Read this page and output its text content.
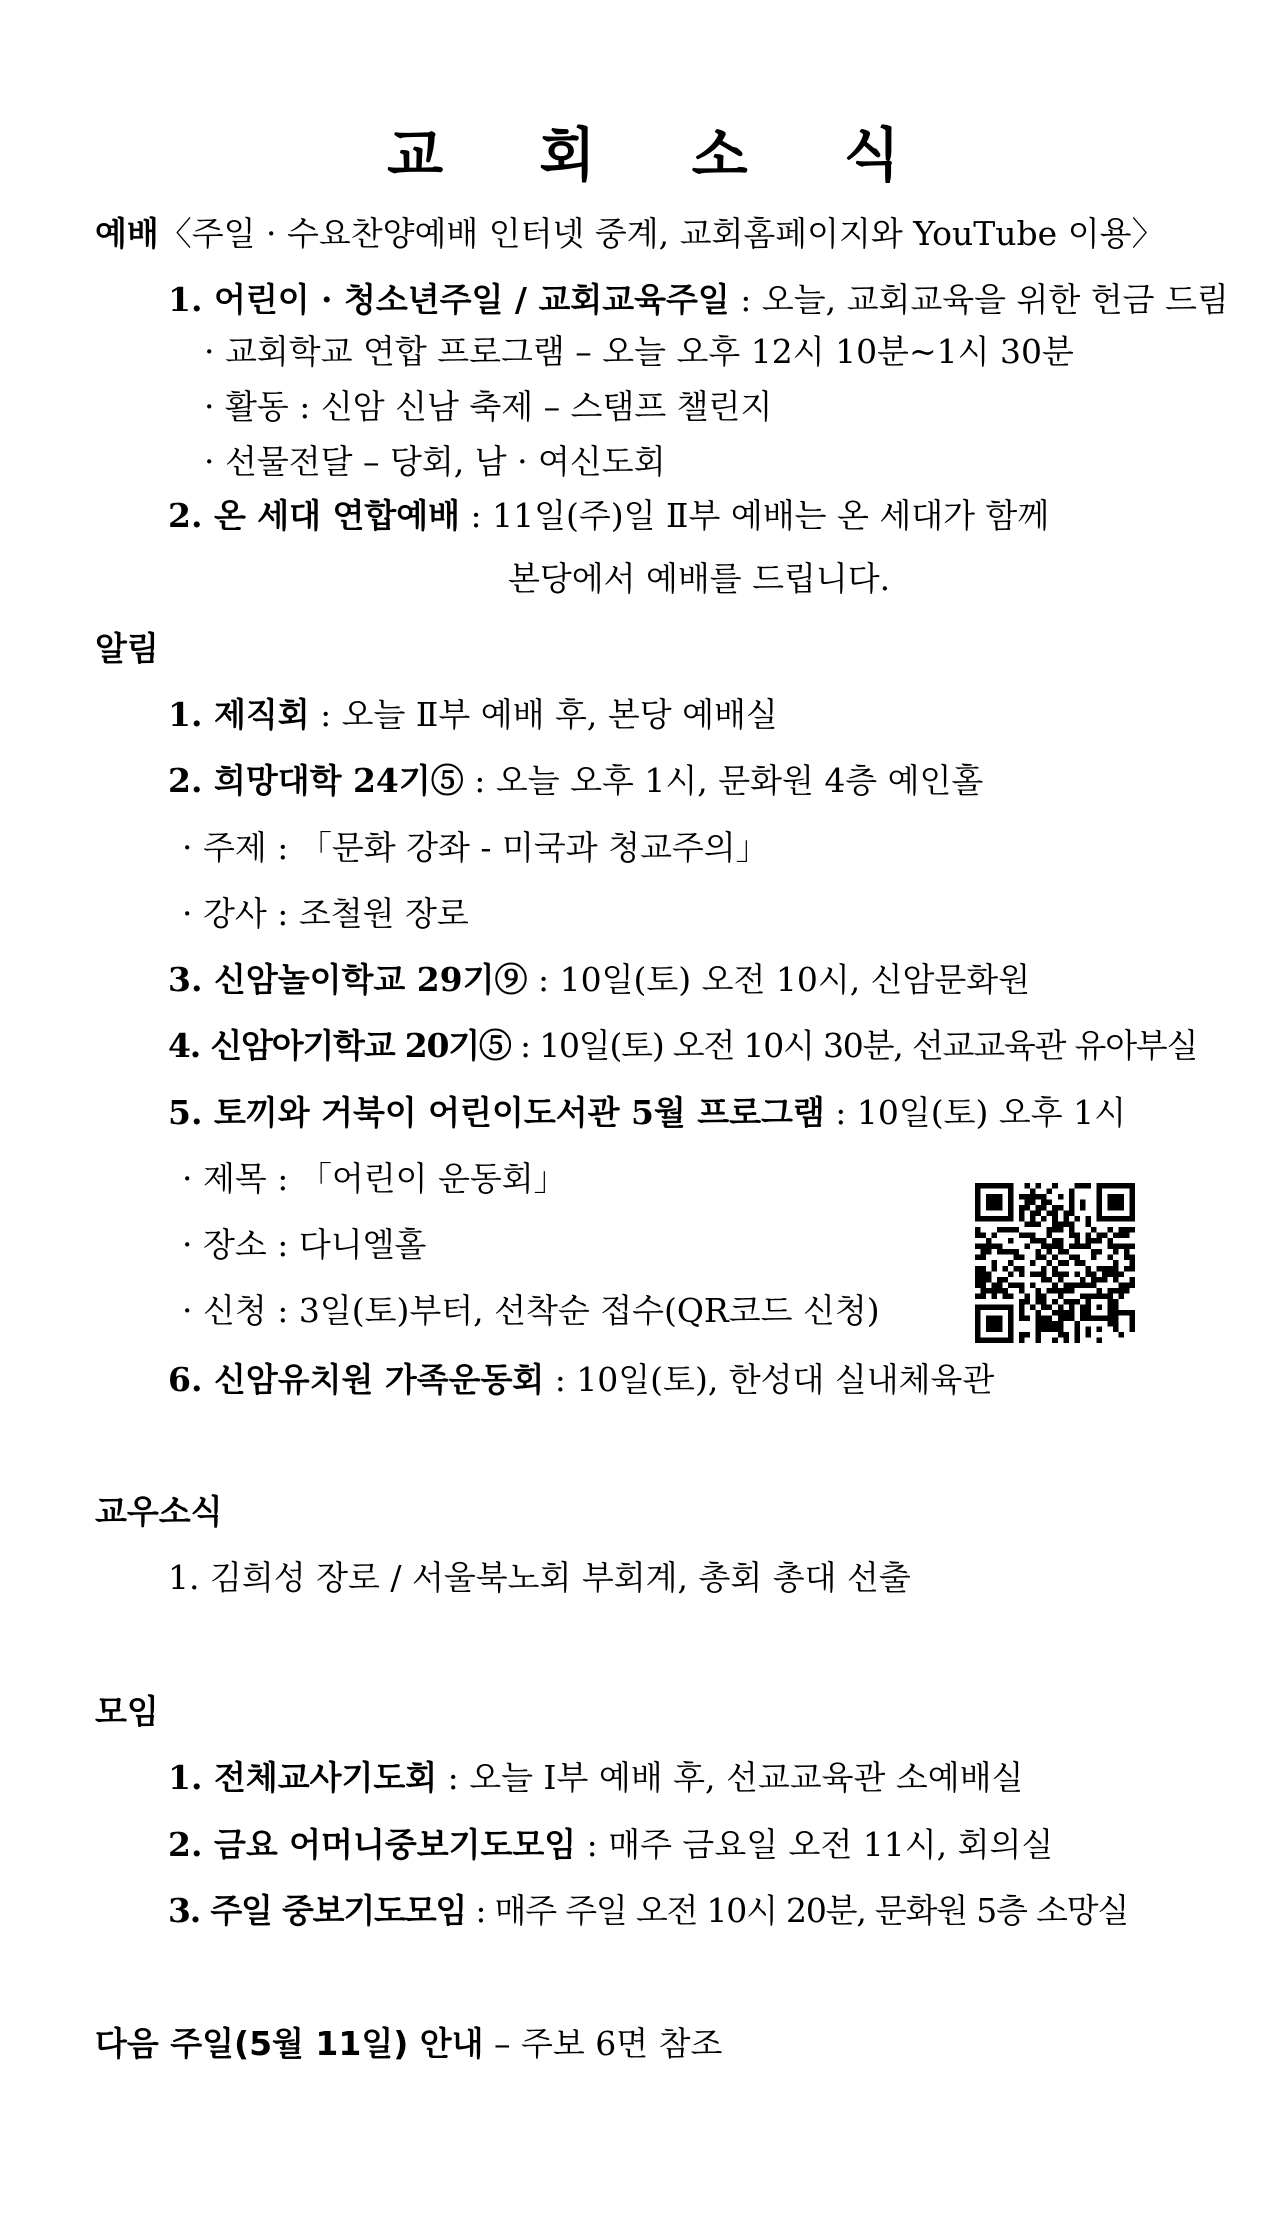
교 회 소 식
예배〈주일 · 수요찬양예배 인터넷 중계, 교회홈페이지와 YouTube 이용〉
1. 어린이 · 청소년주일 / 교회교육주일 : 오늘, 교회교육을 위한 헌금 드림
· 교회학교 연합 프로그램 – 오늘 오후 12시 10분~1시 30분
· 활동 : 신암 신남 축제 – 스탬프 챌린지
· 선물전달 – 당회, 남 · 여신도회
2. 온 세대 연합예배 : 11일(주)일 Ⅱ부 예배는 온 세대가 함께
본당에서 예배를 드립니다.
알림
1. 제직회 : 오늘 Ⅱ부 예배 후, 본당 예배실
2. 희망대학 24기⑤ : 오늘 오후 1시, 문화원 4층 예인홀
· 주제 : 「문화 강좌 - 미국과 청교주의」
· 강사 : 조철원 장로
3. 신암놀이학교 29기⑨ : 10일(토) 오전 10시, 신암문화원
4. 신암아기학교 20기⑤ : 10일(토) 오전 10시 30분, 선교교육관 유아부실
5. 토끼와 거북이 어린이도서관 5월 프로그램 : 10일(토) 오후 1시
· 제목 : 「어린이 운동회」
· 장소 : 다니엘홀
· 신청 : 3일(토)부터, 선착순 접수(QR코드 신청)
6. 신암유치원 가족운동회 : 10일(토), 한성대 실내체육관
교우소식
1. 김희성 장로 / 서울북노회 부회계, 총회 총대 선출
모임
1. 전체교사기도회 : 오늘 Ⅰ부 예배 후, 선교교육관 소예배실
2. 금요 어머니중보기도모임 : 매주 금요일 오전 11시, 회의실
3. 주일 중보기도모임 : 매주 주일 오전 10시 20분, 문화원 5층 소망실
다음 주일(5월 11일) 안내 – 주보 6면 참조
